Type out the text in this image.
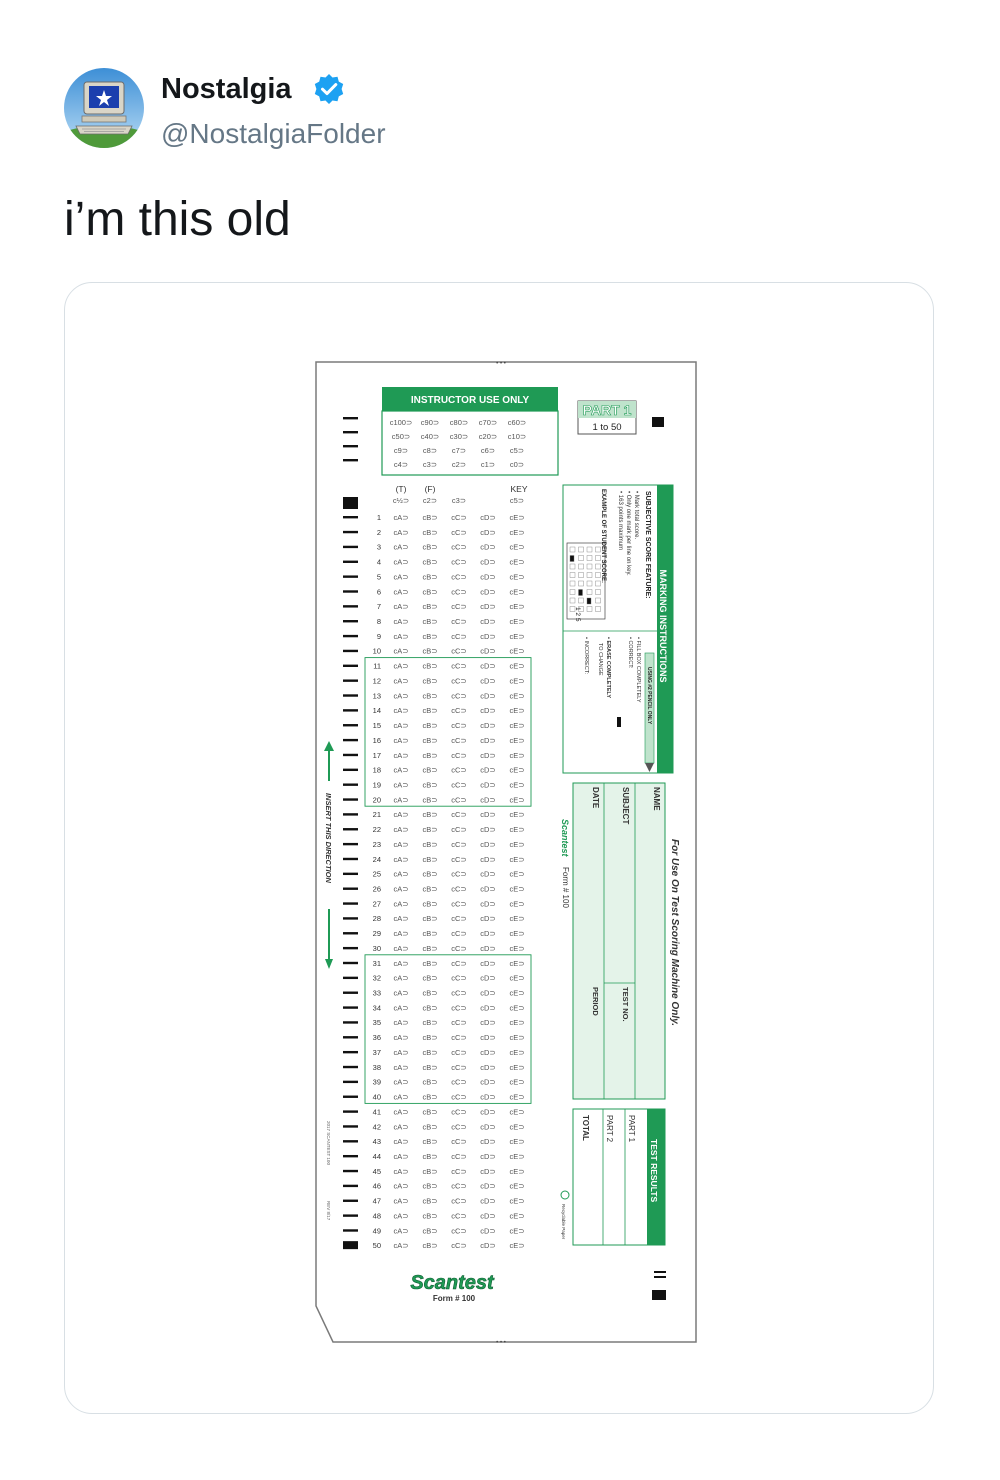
Nostalgia
@NostalgiaFolder
i’m this old
INSTRUCTOR USE ONLY
c100⊃ c90⊃ c80⊃ c70⊃ c60⊃
c50⊃ c40⊃ c30⊃ c20⊃ c10⊃
c9⊃ c8⊃ c7⊃ c6⊃ c5⊃
c4⊃ c3⊃ c2⊃ c1⊃ c0⊃
PART 1
1 to 50
(T) (F)	KEY
c½⊃ c2⊃ c3⊃	c5⊃
1 cA⊃ cB⊃ cC⊃ cD⊃ cE⊃
2 cA⊃ cB⊃ cC⊃ cD⊃ cE⊃
3 cA⊃ cB⊃ cC⊃ cD⊃ cE⊃
4 cA⊃ cB⊃ cC⊃ cD⊃ cE⊃
5 cA⊃ cB⊃ cC⊃ cD⊃ cE⊃
6 cA⊃ cB⊃ cC⊃ cD⊃ cE⊃
7 cA⊃ cB⊃ cC⊃ cD⊃ cE⊃
8 cA⊃ cB⊃ cC⊃ cD⊃ cE⊃
9 cA⊃ cB⊃ cC⊃ cD⊃ cE⊃
10 cA⊃ cB⊃ cC⊃ cD⊃ cE⊃
11 cA⊃ cB⊃ cC⊃ cD⊃ cE⊃
12 cA⊃ cB⊃ cC⊃ cD⊃ cE⊃
13 cA⊃ cB⊃ cC⊃ cD⊃ cE⊃
14 cA⊃ cB⊃ cC⊃ cD⊃ cE⊃
15 cA⊃ cB⊃ cC⊃ cD⊃ cE⊃
16 cA⊃ cB⊃ cC⊃ cD⊃ cE⊃
17 cA⊃ cB⊃ cC⊃ cD⊃ cE⊃
18 cA⊃ cB⊃ cC⊃ cD⊃ cE⊃
19 cA⊃ cB⊃ cC⊃ cD⊃ cE⊃
20 cA⊃ cB⊃ cC⊃ cD⊃ cE⊃
21 cA⊃ cB⊃ cC⊃ cD⊃ cE⊃
22 cA⊃ cB⊃ cC⊃ cD⊃ cE⊃
23 cA⊃ cB⊃ cC⊃ cD⊃ cE⊃
24 cA⊃ cB⊃ cC⊃ cD⊃ cE⊃
25 cA⊃ cB⊃ cC⊃ cD⊃ cE⊃
26 cA⊃ cB⊃ cC⊃ cD⊃ cE⊃
27 cA⊃ cB⊃ cC⊃ cD⊃ cE⊃
28 cA⊃ cB⊃ cC⊃ cD⊃ cE⊃
29 cA⊃ cB⊃ cC⊃ cD⊃ cE⊃
30 cA⊃ cB⊃ cC⊃ cD⊃ cE⊃
31 cA⊃ cB⊃ cC⊃ cD⊃ cE⊃
32 cA⊃ cB⊃ cC⊃ cD⊃ cE⊃
33 cA⊃ cB⊃ cC⊃ cD⊃ cE⊃
34 cA⊃ cB⊃ cC⊃ cD⊃ cE⊃
35 cA⊃ cB⊃ cC⊃ cD⊃ cE⊃
36 cA⊃ cB⊃ cC⊃ cD⊃ cE⊃
37 cA⊃ cB⊃ cC⊃ cD⊃ cE⊃
38 cA⊃ cB⊃ cC⊃ cD⊃ cE⊃
39 cA⊃ cB⊃ cC⊃ cD⊃ cE⊃
40 cA⊃ cB⊃ cC⊃ cD⊃ cE⊃
41 cA⊃ cB⊃ cC⊃ cD⊃ cE⊃
42 cA⊃ cB⊃ cC⊃ cD⊃ cE⊃
43 cA⊃ cB⊃ cC⊃ cD⊃ cE⊃
44 cA⊃ cB⊃ cC⊃ cD⊃ cE⊃
45 cA⊃ cB⊃ cC⊃ cD⊃ cE⊃
46 cA⊃ cB⊃ cC⊃ cD⊃ cE⊃
47 cA⊃ cB⊃ cC⊃ cD⊃ cE⊃
48 cA⊃ cB⊃ cC⊃ cD⊃ cE⊃
49 cA⊃ cB⊃ cC⊃ cD⊃ cE⊃
50 cA⊃ cB⊃ cC⊃ cD⊃ cE⊃
INSERT THIS DIRECTION
2017 SCANTEST 100
REV 8/17
MARKING INSTRUCTIONS
SUBJECTIVE SCORE FEATURE:
• Mark total score.
• Only one mark per line on key.
• 163 points maximum
EXAMPLE OF STUDENT SCORE:
1 2 5
USING #2 PENCIL ONLY
• FILL BOX COMPLETELY
• CORRECT:
• ERASE COMPLETELY
TO CHANGE
• INCORRECT:
NAME
SUBJECT
DATE
TEST NO.
PERIOD	For Use On Test Scoring Machine Only.
Scantest
Form # 100
TEST RESULTS
PART 1
PART 2
TOTAL
Recyclable Paper
Scantest
Form # 100
• • •
• • •
